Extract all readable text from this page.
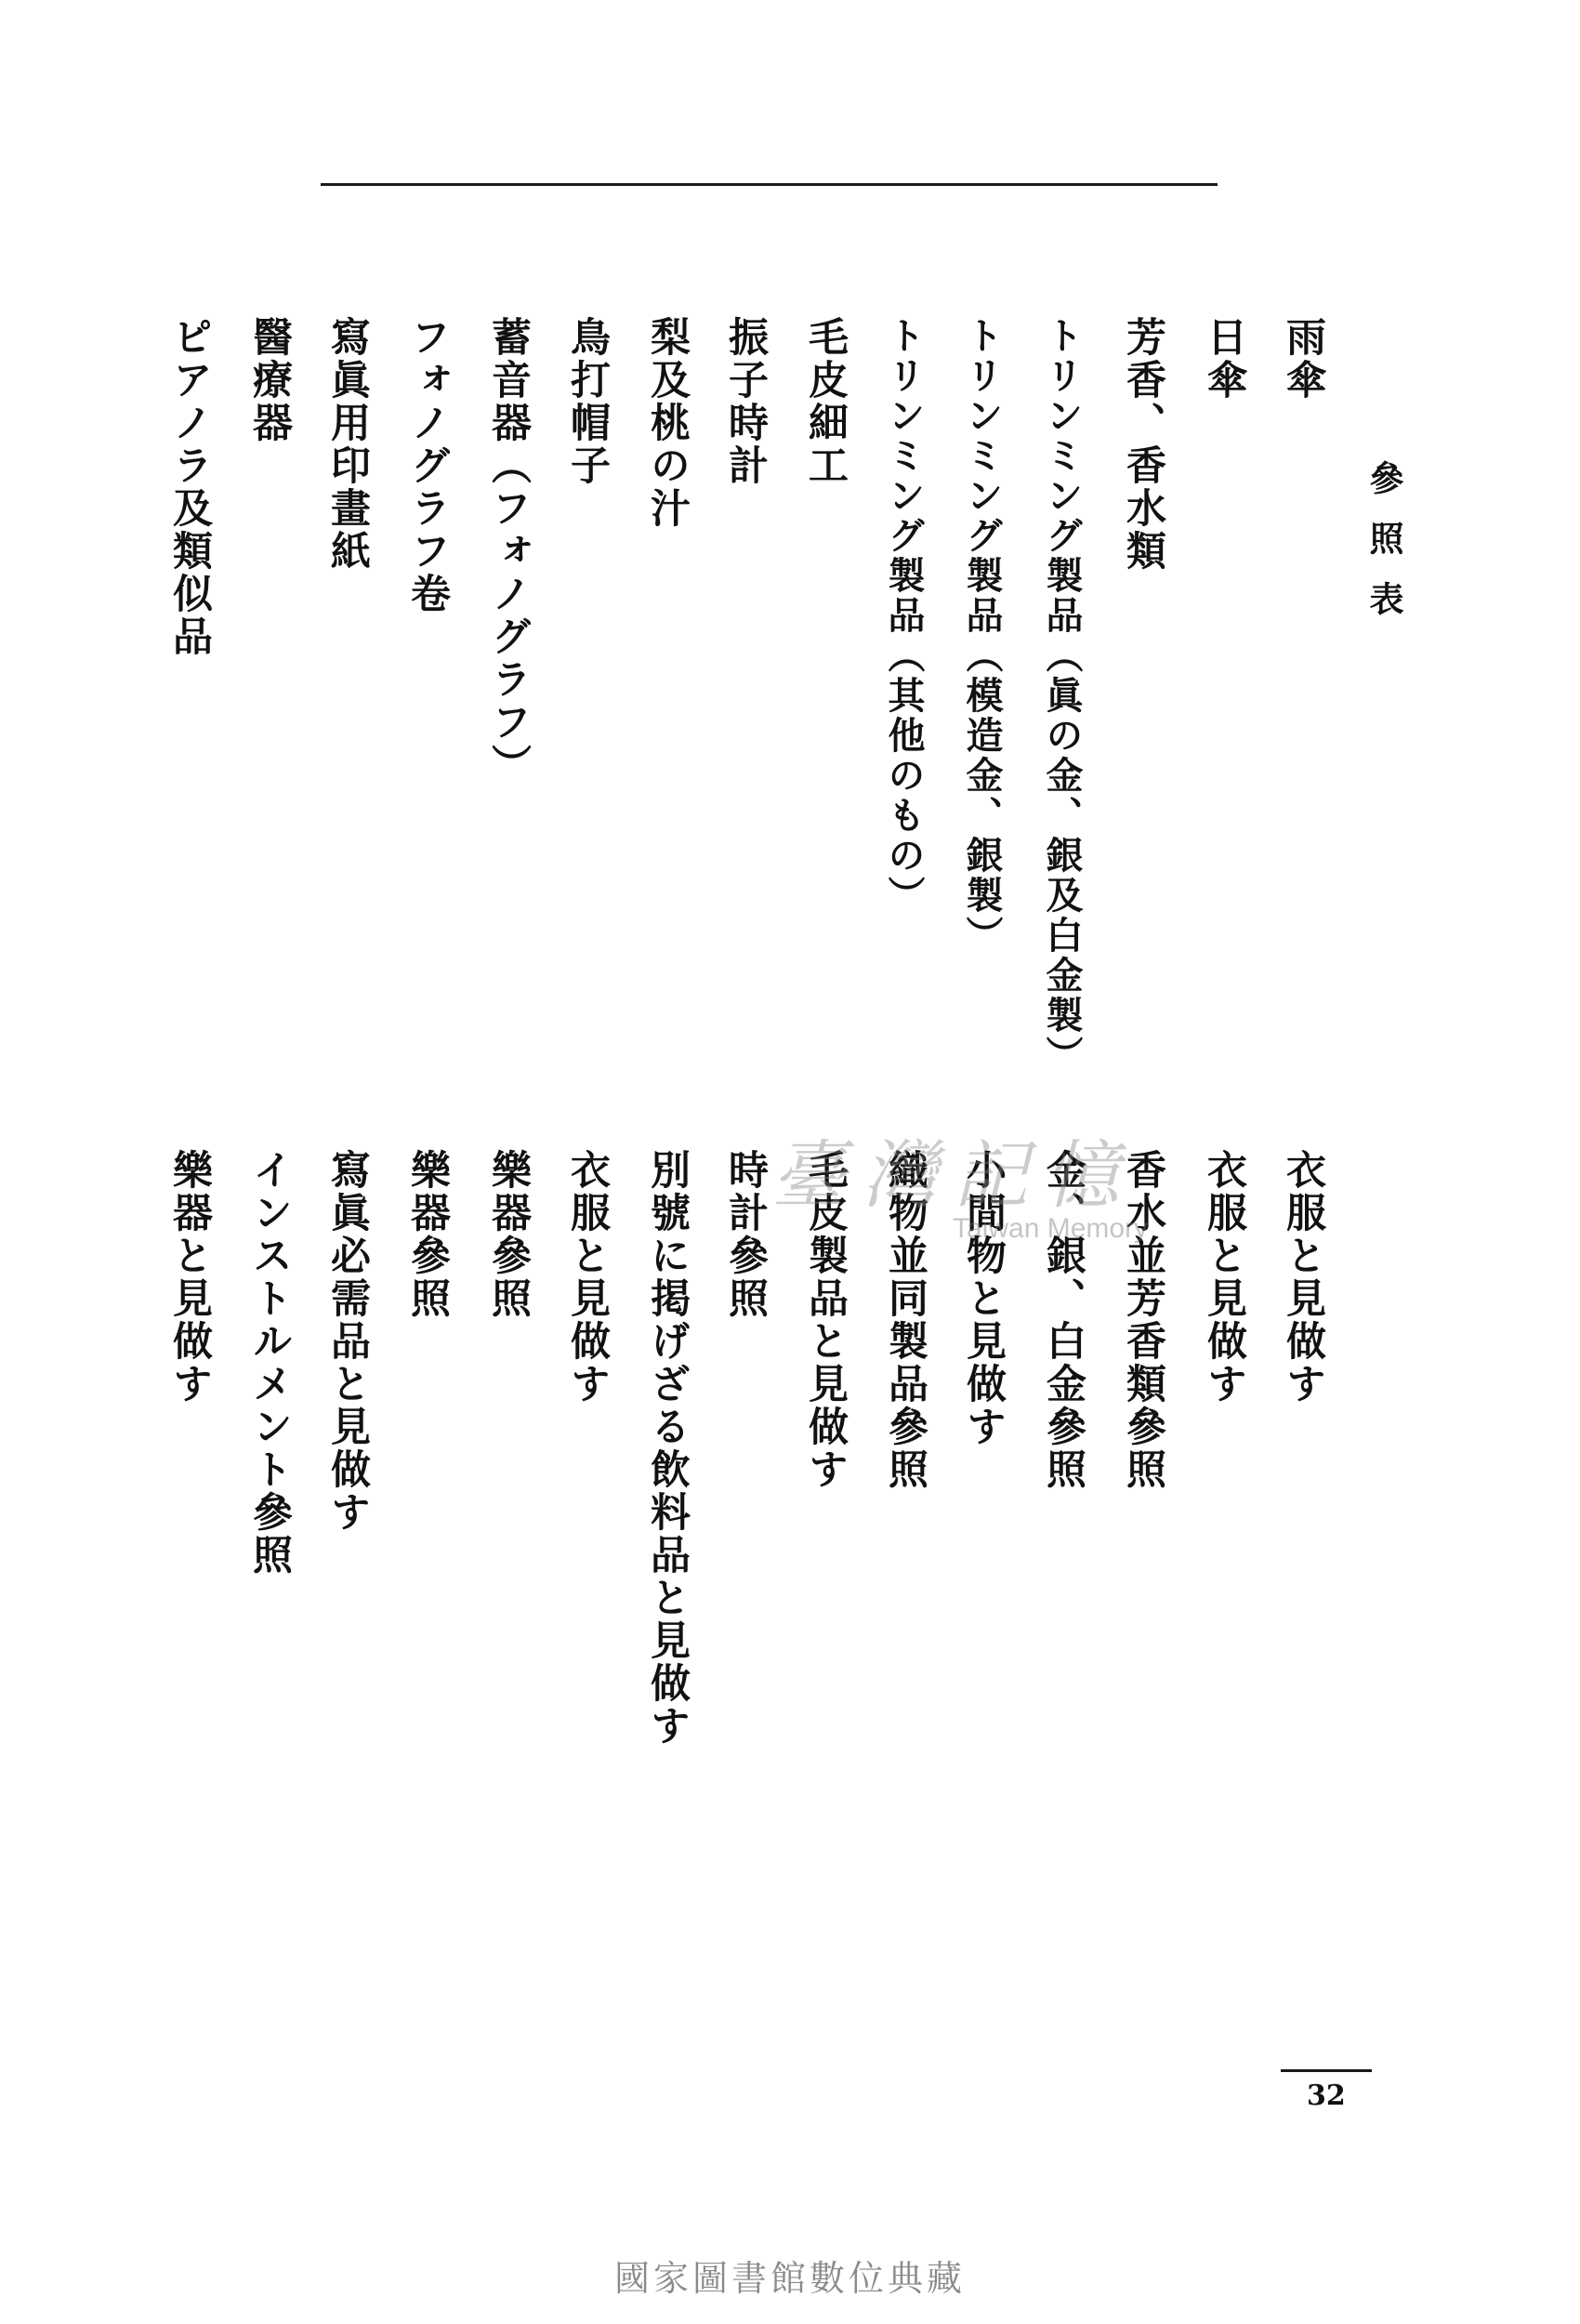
參照表
雨傘
日傘
芳香、香水類
トリンミング製品（眞の金、銀及白金製）
トリンミング製品（模造金、銀製）
トリンミング製品（其他のもの）
毛皮細工
振子時計
梨及桃の汁
鳥打帽子
蓄音器（フォノグラフ）
フォノグラフ卷
寫眞用印畫紙
醫療器
ピアノラ及類似品
衣服と見做す
衣服と見做す
香水並芳香類參照
金、銀、白金參照
小間物と見做す
織物並同製品參照
毛皮製品と見做す
時計參照
別號に掲げざる飲料品と見做す
衣服と見做す
樂器參照
樂器參照
寫眞必需品と見做す
インストルメント參照
樂器と見做す	臺灣記憶
Taiwan Memory
32
國家圖書館數位典藏
